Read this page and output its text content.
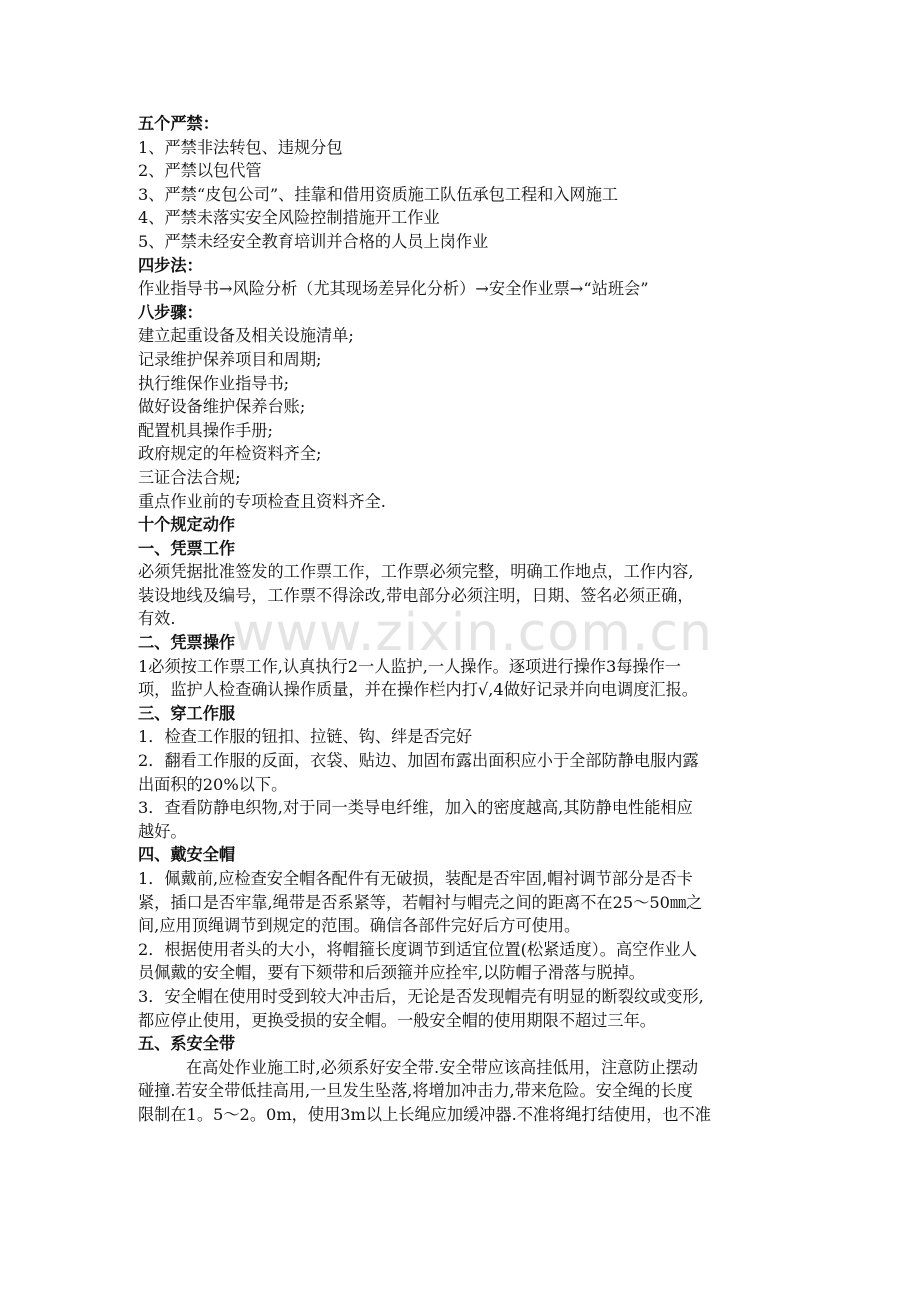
www.zixin.com.cn
五个严禁：
1、严禁非法转包、违规分包
2、严禁以包代管
3、严禁“皮包公司”、挂靠和借用资质施工队伍承包工程和入网施工
4、严禁未落实安全风险控制措施开工作业
5、严禁未经安全教育培训并合格的人员上岗作业
四步法：
作业指导书→风险分析（尤其现场差异化分析）→安全作业票→“站班会”
八步骤：
建立起重设备及相关设施清单;
记录维护保养项目和周期;
执行维保作业指导书;
做好设备维护保养台账;
配置机具操作手册;
政府规定的年检资料齐全;
三证合法合规;
重点作业前的专项检查且资料齐全.
十个规定动作
一、凭票工作
必须凭据批准签发的工作票工作，工作票必须完整，明确工作地点，工作内容,
装设地线及编号，工作票不得涂改,带电部分必须注明，日期、签名必须正确，
有效.
二、凭票操作
1必须按工作票工作,认真执行2一人监护,一人操作。逐项进行操作3每操作一
项，监护人检查确认操作质量，并在操作栏内打√,4做好记录并向电调度汇报。
三、穿工作服
1．检查工作服的钮扣、拉链、钩、绊是否完好
2．翻看工作服的反面，衣袋、贴边、加固布露出面积应小于全部防静电服内露
出面积的20%以下。
3．查看防静电织物,对于同一类导电纤维，加入的密度越高,其防静电性能相应
越好。
四、戴安全帽
1．佩戴前,应检查安全帽各配件有无破损，装配是否牢固,帽衬调节部分是否卡
紧，插口是否牢靠,绳带是否系紧等，若帽衬与帽壳之间的距离不在25～50㎜之
间,应用顶绳调节到规定的范围。确信各部件完好后方可使用。
2．根据使用者头的大小，将帽箍长度调节到适宜位置(松紧适度）。高空作业人
员佩戴的安全帽，要有下颏带和后颈箍并应拴牢,以防帽子滑落与脱掉。
3．安全帽在使用时受到较大冲击后，无论是否发现帽壳有明显的断裂纹或变形,
都应停止使用，更换受损的安全帽。一般安全帽的使用期限不超过三年。
五、系安全带
在高处作业施工时,必须系好安全带.安全带应该高挂低用，注意防止摆动
碰撞.若安全带低挂高用,一旦发生坠落,将增加冲击力,带来危险。安全绳的长度
限制在1。5～2。0m，使用3m以上长绳应加缓冲器.不准将绳打结使用，也不准
